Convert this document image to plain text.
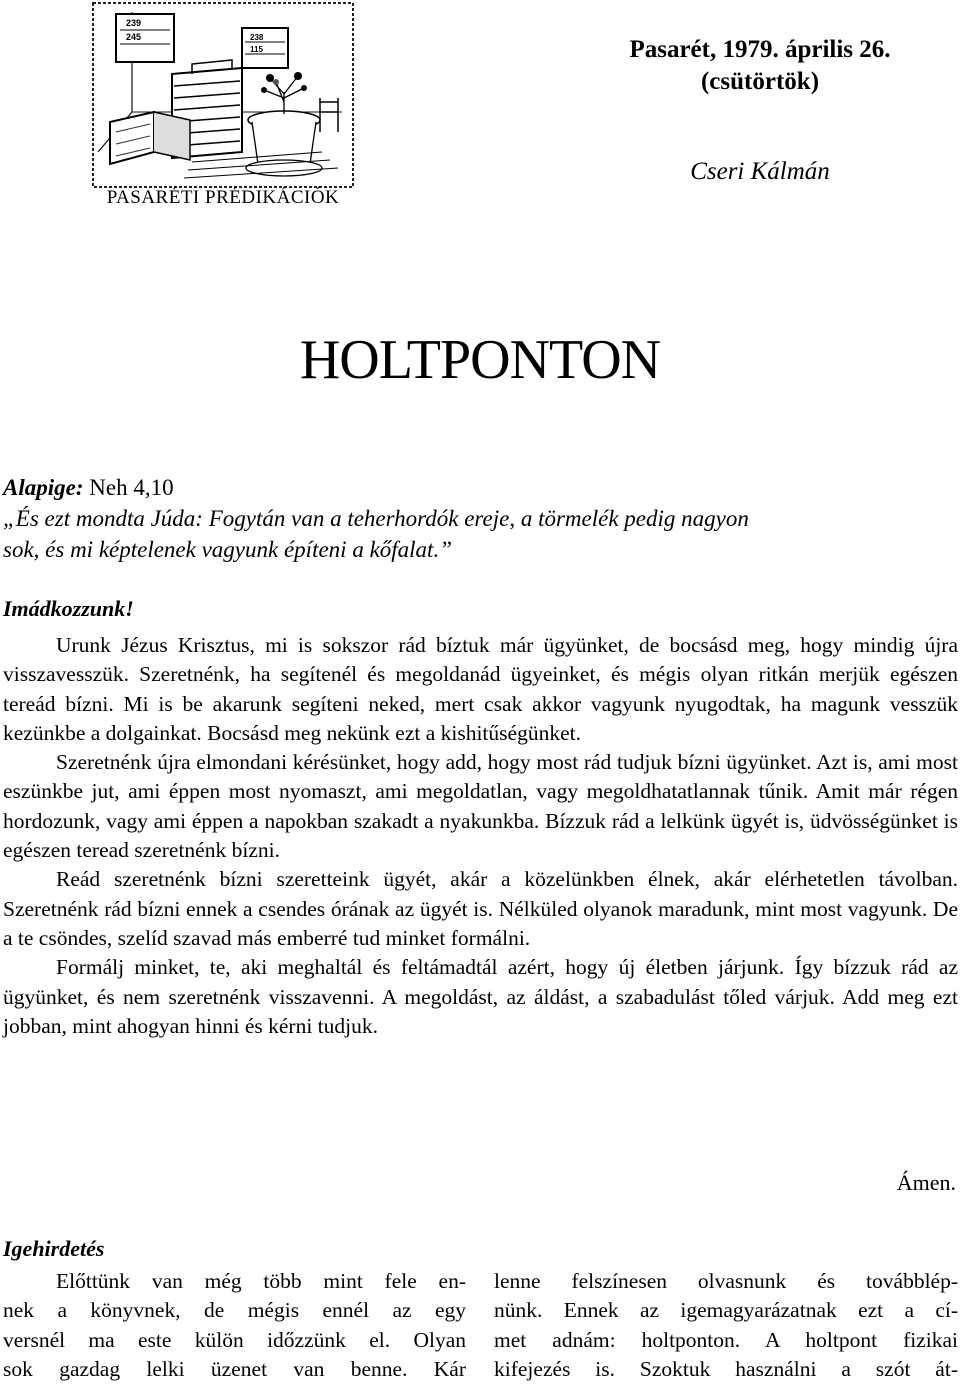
239
245	238
115
PASARÉTI PRÉDIKÁCIÓK
Pasarét, 1979. április 26.
(csütörtök)
Cseri Kálmán
HOLTPONTON
Alapige: Neh 4,10
„És ezt mondta Júda: Fogytán van a teherhordók ereje, a törmelék pedig nagyon
sok, és mi képtelenek vagyunk építeni a kőfalat.”
Imádkozzunk!

Urunk Jézus Krisztus, mi is sokszor rád bíztuk már ügyünket, de bocsásd meg, hogy mindig újra visszavesszük. Szeretnénk, ha segítenél és megoldanád ügyeinket, és mégis olyan ritkán merjük egészen tereád bízni. Mi is be akarunk segíteni neked, mert csak akkor vagyunk nyugodtak, ha magunk vesszük kezünkbe a dolgainkat. Bocsásd meg nekünk ezt a kishitűségünket.

Szeretnénk újra elmondani kérésünket, hogy add, hogy most rád tudjuk bízni ügyünket. Azt is, ami most eszünkbe jut, ami éppen most nyomaszt, ami megoldatlan, vagy megoldhatatlannak tűnik. Amit már régen hordozunk, vagy ami éppen a napokban szakadt a nyakunkba. Bízzuk rád a lelkünk ügyét is, üdvösségünket is egészen teread szeretnénk bízni.

Reád szeretnénk bízni szeretteink ügyét, akár a közelünkben élnek, akár elérhetetlen távolban. Szeretnénk rád bízni ennek a csendes órának az ügyét is. Nélküled olyanok maradunk, mint most vagyunk. De a te csöndes, szelíd szavad más emberré tud minket formálni.

Formálj minket, te, aki meghaltál és feltámadtál azért, hogy új életben járjunk. Így bízzuk rád az ügyünket, és nem szeretnénk visszavenni. A megoldást, az áldást, a szabadulást tőled várjuk. Add meg ezt jobban, mint ahogyan hinni és kérni tudjuk.

Ámen.
Igehirdetés

Előttünk van még több mint fele en-

nek a könyvnek, de mégis ennél az egy

versnél ma este külön időzzünk el. Olyan

sok gazdag lelki üzenet van benne. Kár

lenne felszínesen olvasnunk és továbblép-

nünk. Ennek az igemagyarázatnak ezt a cí-

met adnám: holtponton. A holtpont fizikai

kifejezés is. Szoktuk használni a szót át-
